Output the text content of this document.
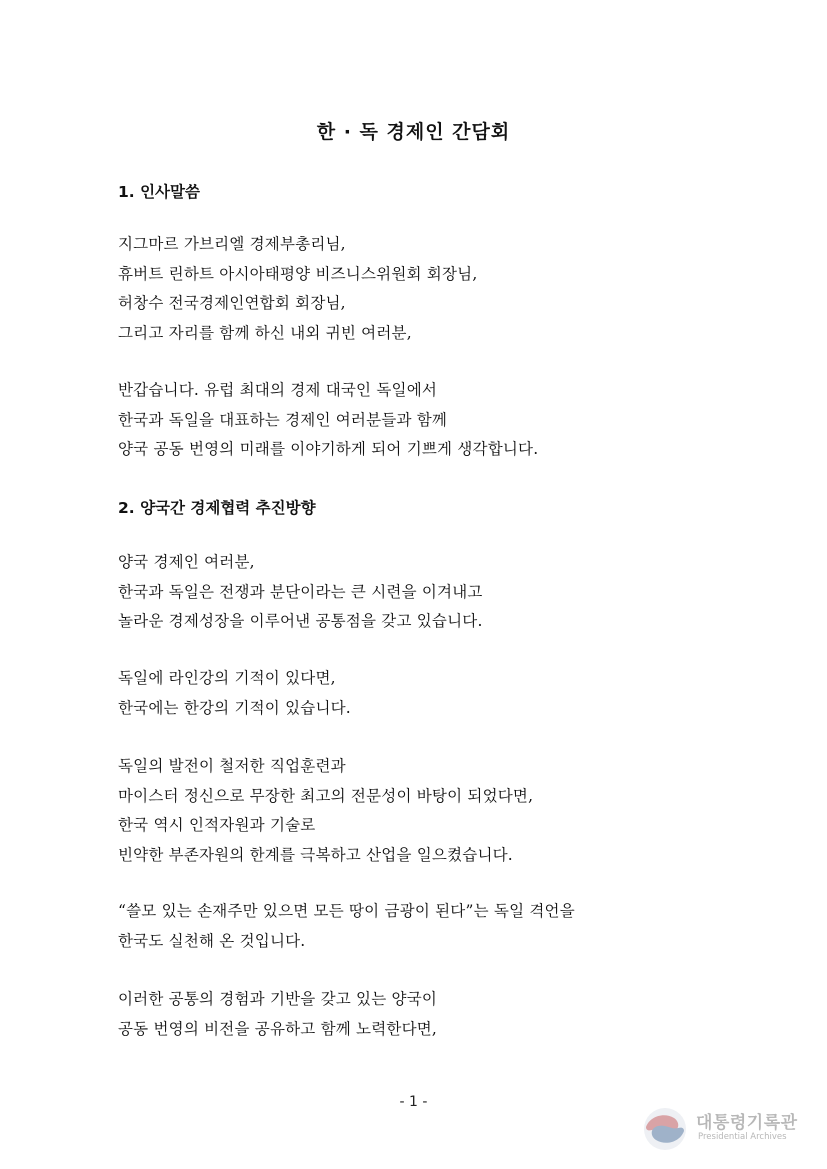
한 · 독 경제인 간담회
1. 인사말씀
지그마르 가브리엘 경제부총리님,
휴버트 린하트 아시아태평양 비즈니스위원회 회장님,
허창수 전국경제인연합회 회장님,
그리고 자리를 함께 하신 내외 귀빈 여러분,
반갑습니다. 유럽 최대의 경제 대국인 독일에서
한국과 독일을 대표하는 경제인 여러분들과 함께
양국 공동 번영의 미래를 이야기하게 되어 기쁘게 생각합니다.
2. 양국간 경제협력 추진방향
양국 경제인 여러분,
한국과 독일은 전쟁과 분단이라는 큰 시련을 이겨내고
놀라운 경제성장을 이루어낸 공통점을 갖고 있습니다.
독일에 라인강의 기적이 있다면,
한국에는 한강의 기적이 있습니다.
독일의 발전이 철저한 직업훈련과
마이스터 정신으로 무장한 최고의 전문성이 바탕이 되었다면,
한국 역시 인적자원과 기술로
빈약한 부존자원의 한계를 극복하고 산업을 일으켰습니다.
“쓸모 있는 손재주만 있으면 모든 땅이 금광이 된다”는 독일 격언을
한국도 실천해 온 것입니다.
이러한 공통의 경험과 기반을 갖고 있는 양국이
공동 번영의 비전을 공유하고 함께 노력한다면,
- 1 -
대통령기록관
Presidential Archives
